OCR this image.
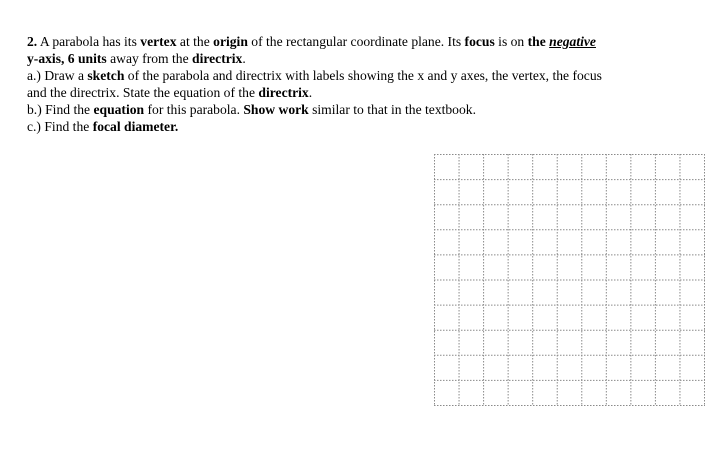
2. A parabola has its vertex at the origin of the rectangular coordinate plane. Its focus is on the negative
y-axis, 6 units away from the directrix.
a.) Draw a sketch of the parabola and directrix with labels showing the x and y axes, the vertex, the focus
and the directrix. State the equation of the directrix.
b.) Find the equation for this parabola. Show work similar to that in the textbook.
c.) Find the focal diameter.
